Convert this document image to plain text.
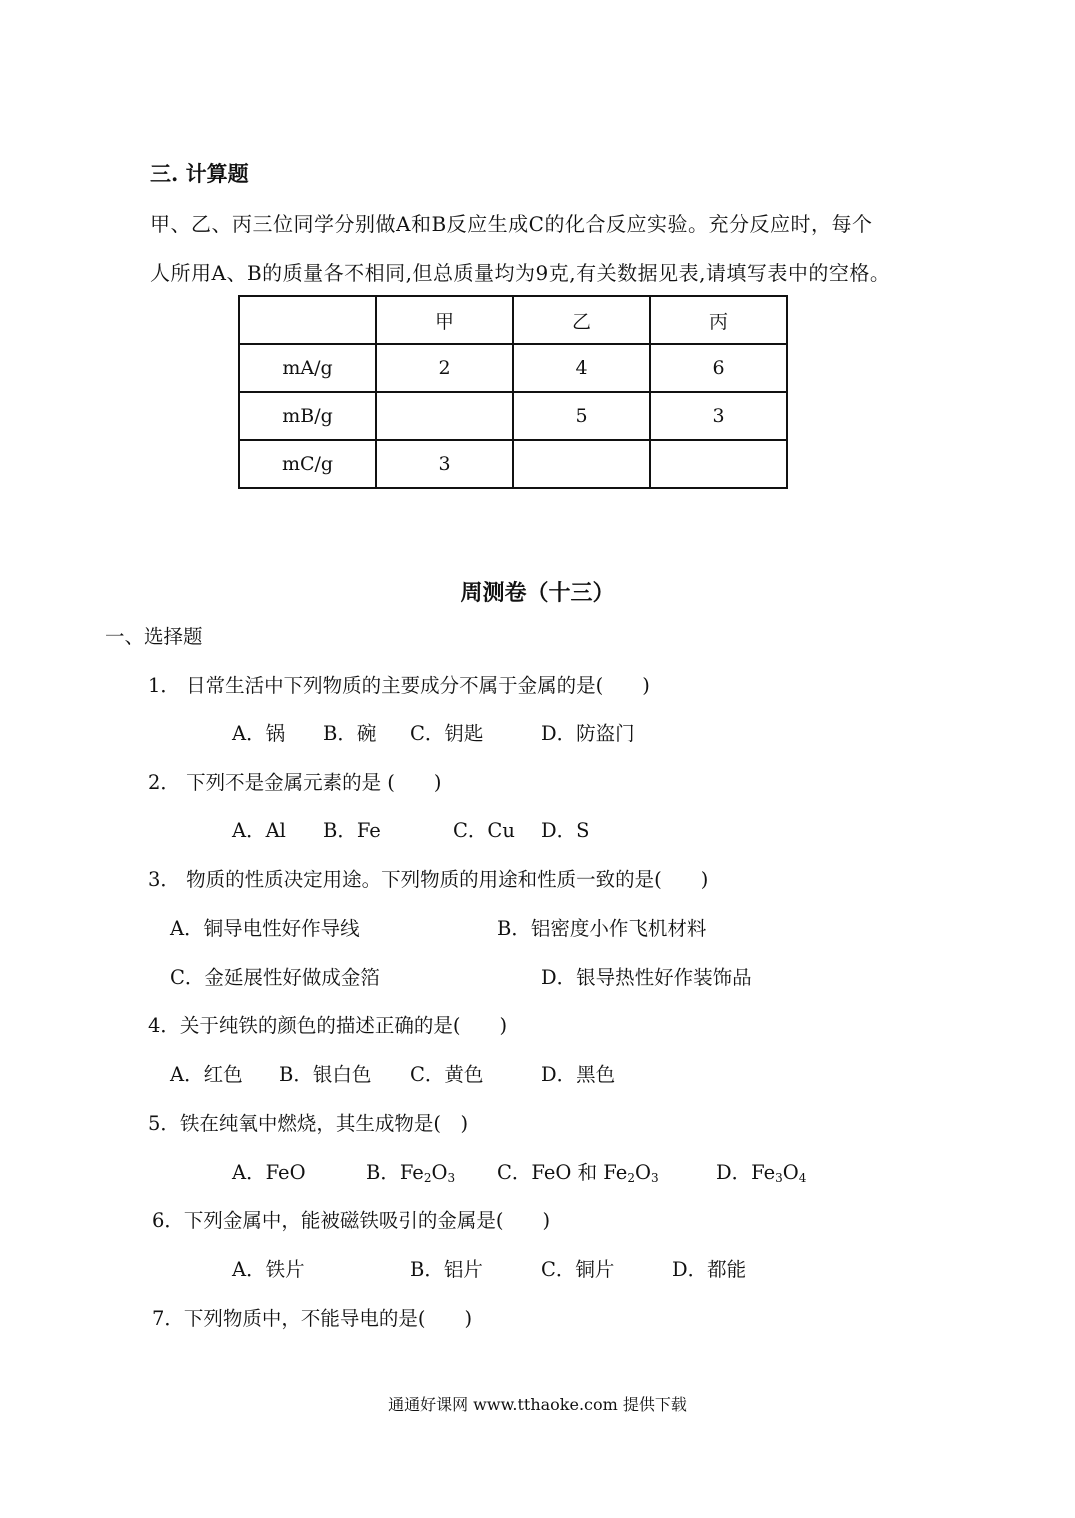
三. 计算题
甲、乙、丙三位同学分别做A和B反应生成C的化合反应实验。充分反应时，每个
人所用A、B的质量各不相同,但总质量均为9克,有关数据见表,请填写表中的空格。
	甲	乙	丙
mA/g	2	4	6
mB/g		5	3
mC/g	3		
周测卷（十三）
一、选择题
1． 日常生活中下列物质的主要成分不属于金属的是(　　)
A．锅 B．碗 C．钥匙	D．防盗门
2． 下列不是金属元素的是 (　　)
A．Al B．Fe	C．Cu D．S
3． 物质的性质决定用途。下列物质的用途和性质一致的是(　　)
A．铜导电性好作导线	B．铝密度小作飞机材料
C．金延展性好做成金箔	D．银导热性好作装饰品
4．关于纯铁的颜色的描述正确的是(　　)
A．红色 B．银白色 C．黄色	D．黑色
5．铁在纯氧中燃烧，其生成物是(　)
A．FeO	B．$Fe_2O_3$ C．FeO 和 $Fe_2O_3$	D．$Fe_3O_4$
6．下列金属中，能被磁铁吸引的金属是(　　)
A．铁片	B．铝片	C．铜片	D．都能
7．下列物质中，不能导电的是(　　)
通通好课网 www.tthaoke.com 提供下载
